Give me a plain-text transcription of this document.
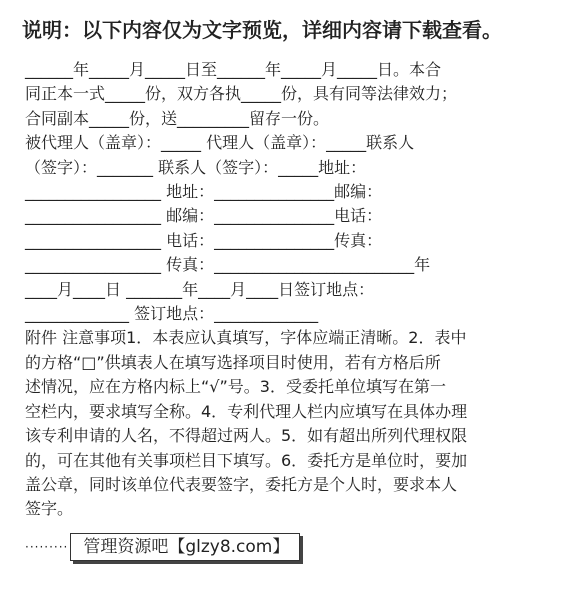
说明：以下内容仅为文字预览，详细内容请下载查看。
______年_____月_____日至______年_____月_____日。本合
同正本一式_____份，双方各执_____份，具有同等法律效力；
合同副本_____份，送_________留存一份。
被代理人（盖章）：_____ 代理人（盖章）：_____联系人
（签字）：_______ 联系人（签字）：_____地址：
_________________ 地址：_______________邮编：
_________________ 邮编：_______________电话：
_________________ 电话：_______________传真：
_________________ 传真：_________________________年
____月____日 _______年____月____日签订地点：
_____________ 签订地点：_____________
附件 注意事项1．本表应认真填写，字体应端正清晰。2．表中
的方格“□”供填表人在填写选择项目时使用，若有方格后所
述情况，应在方格内标上“√”号。3．受委托单位填写在第一
空栏内，要求填写全称。4．专利代理人栏内应填写在具体办理
该专利申请的人名，不得超过两人。5．如有超出所列代理权限
的，可在其他有关事项栏目下填写。6．委托方是单位时，要加
盖公章，同时该单位代表要签字，委托方是个人时，要求本人
签字。
········· 管理资源吧【glzy8.com】
